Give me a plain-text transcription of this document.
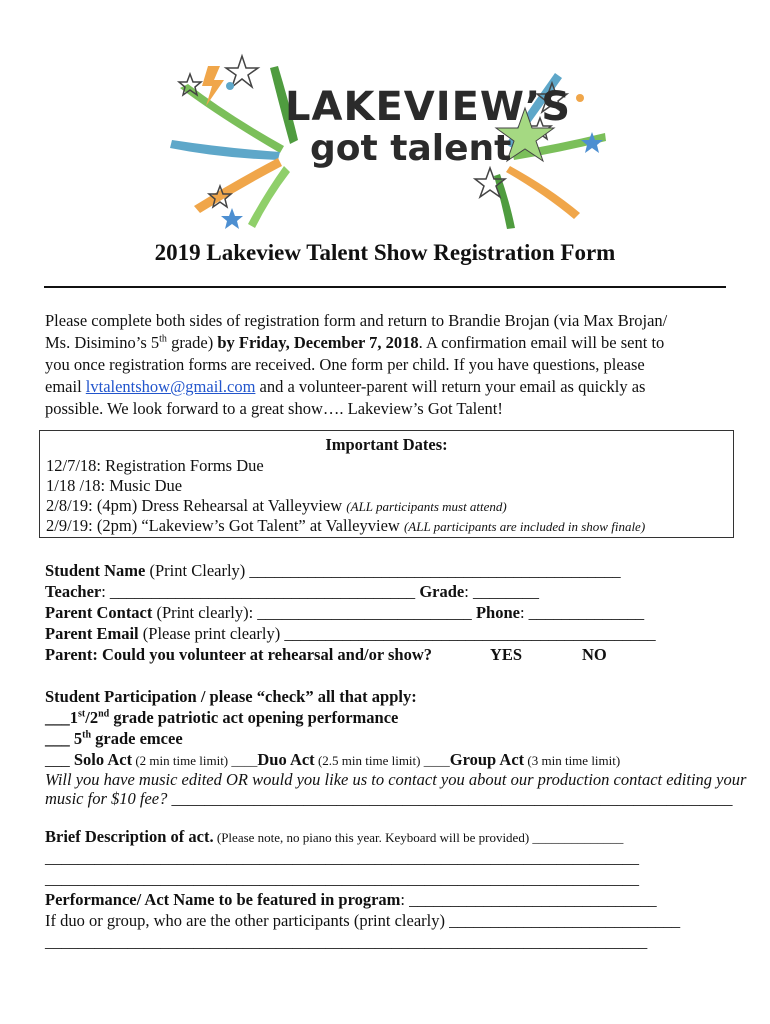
LAKEVIEW’S
got talent
2019 Lakeview Talent Show Registration Form
Please complete both sides of registration form and return to Brandie Brojan (via Max Brojan/
Ms. Disimino’s 5th grade) by Friday, December 7, 2018. A confirmation email will be sent to
you once registration forms are received. One form per child. If you have questions, please
email lvtalentshow@gmail.com and a volunteer-parent will return your email as quickly as
possible. We look forward to a great show…. Lakeview’s Got Talent!
Important Dates:
12/7/18: Registration Forms Due
1/18 /18: Music Due
2/8/19: (4pm) Dress Rehearsal at Valleyview (ALL participants must attend)
2/9/19: (2pm) “Lakeview’s Got Talent” at Valleyview (ALL participants are included in show finale)
Student Name (Print Clearly) _____________________________________________
Teacher: _____________________________________ Grade: ________
Parent Contact (Print clearly): __________________________ Phone: ______________
Parent Email (Please print clearly) _____________________________________________
Parent: Could you volunteer at rehearsal and/or show?	YES	NO
Student Participation / please “check” all that apply:
___1st/2nd grade patriotic act opening performance
___ 5th grade emcee
___ Solo Act (2 min time limit) ____Duo Act (2.5 min time limit) ____Group Act (3 min time limit)
Will you have music edited OR would you like us to contact you about our production contact editing your
music for $10 fee? ____________________________________________________________________
Brief Description of act. (Please note, no piano this year. Keyboard will be provided) ______________
________________________________________________________________________
________________________________________________________________________
Performance/ Act Name to be featured in program: ______________________________
If duo or group, who are the other participants (print clearly) ____________________________
_________________________________________________________________________
